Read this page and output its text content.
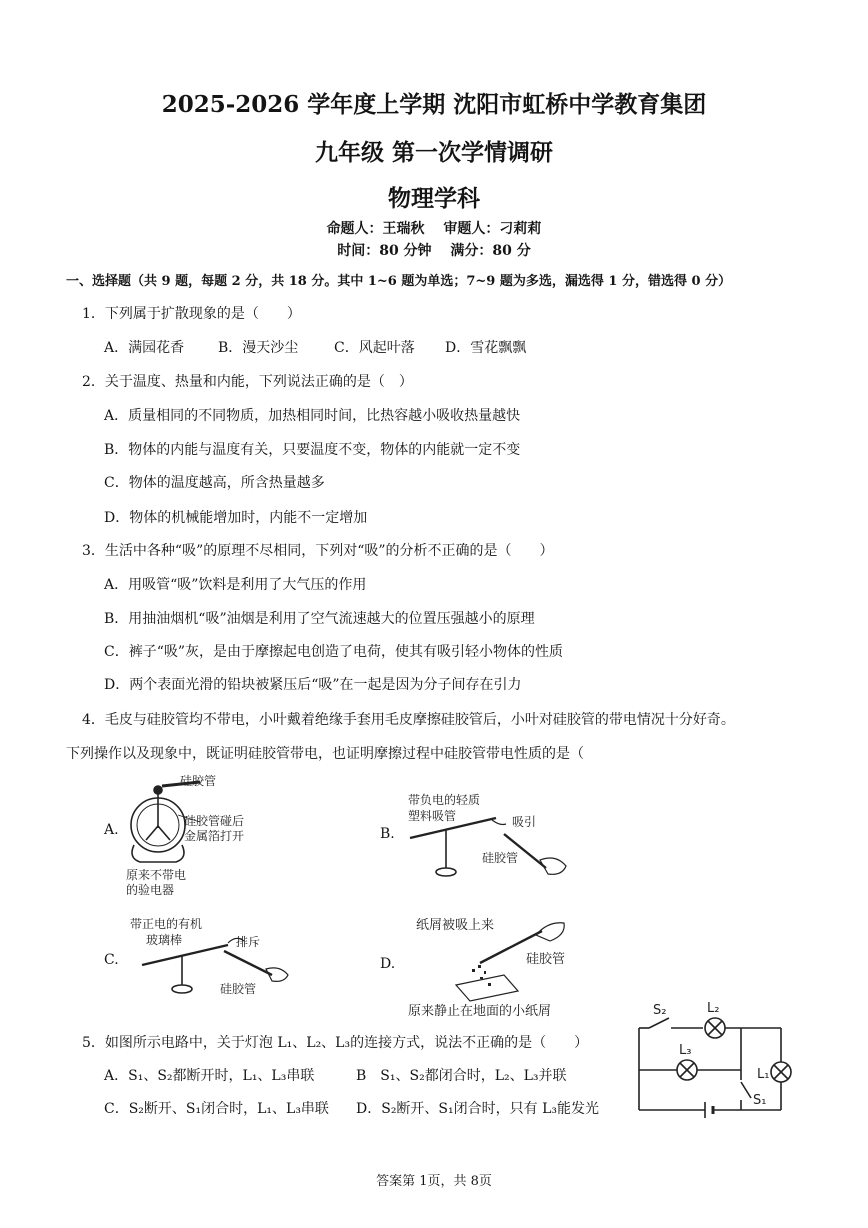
2025-2026 学年度上学期 沈阳市虹桥中学教育集团
九年级 第一次学情调研
物理学科
命题人：王瑞秋　 审题人：刁莉莉
时间：80 分钟　 满分：80 分
一、选择题（共 9 题，每题 2 分，共 18 分。其中 1~6 题为单选；7~9 题为多选，漏选得 1 分，错选得 0 分）
1．下列属于扩散现象的是（　　）
A．满园花香 B．漫天沙尘	C．风起叶落 D．雪花飘飘
2．关于温度、热量和内能，下列说法正确的是（　）
A．质量相同的不同物质，加热相同时间，比热容越小吸收热量越快
B．物体的内能与温度有关，只要温度不变，物体的内能就一定不变
C．物体的温度越高，所含热量越多
D．物体的机械能增加时，内能不一定增加
3．生活中各种“吸”的原理不尽相同，下列对“吸”的分析不正确的是（　　）
A．用吸管“吸”饮料是利用了大气压的作用
B．用抽油烟机“吸”油烟是利用了空气流速越大的位置压强越小的原理
C．裤子“吸”灰，是由于摩擦起电创造了电荷，使其有吸引轻小物体的性质
D．两个表面光滑的铅块被紧压后“吸”在一起是因为分子间存在引力
4．毛皮与硅胶管均不带电，小叶戴着绝缘手套用毛皮摩擦硅胶管后，小叶对硅胶管的带电情况十分好奇。
下列操作以及现象中，既证明硅胶管带电，也证明摩擦过程中硅胶管带电性质的是（
A.
硅胶管
硅胶管碰后
金属箔打开
原来不带电
的验电器
B.
带负电的轻质
塑料吸管	吸引
硅胶管
C.
带正电的有机
玻璃棒	排斥
硅胶管
D.
纸屑被吸上来
硅胶管
原来静止在地面的小纸屑
5．如图所示电路中，关于灯泡 L₁、L₂、L₃的连接方式，说法不正确的是（　　）
A．S₁、S₂都断开时，L₁、L₃串联	B　S₁、S₂都闭合时，L₂、L₃并联
C．S₂断开、S₁闭合时，L₁、L₃串联 D．S₂断开、S₁闭合时，只有 L₃能发光
S₂	L₂
L₃
L₁
S₁
答案第 1页，共 8页
